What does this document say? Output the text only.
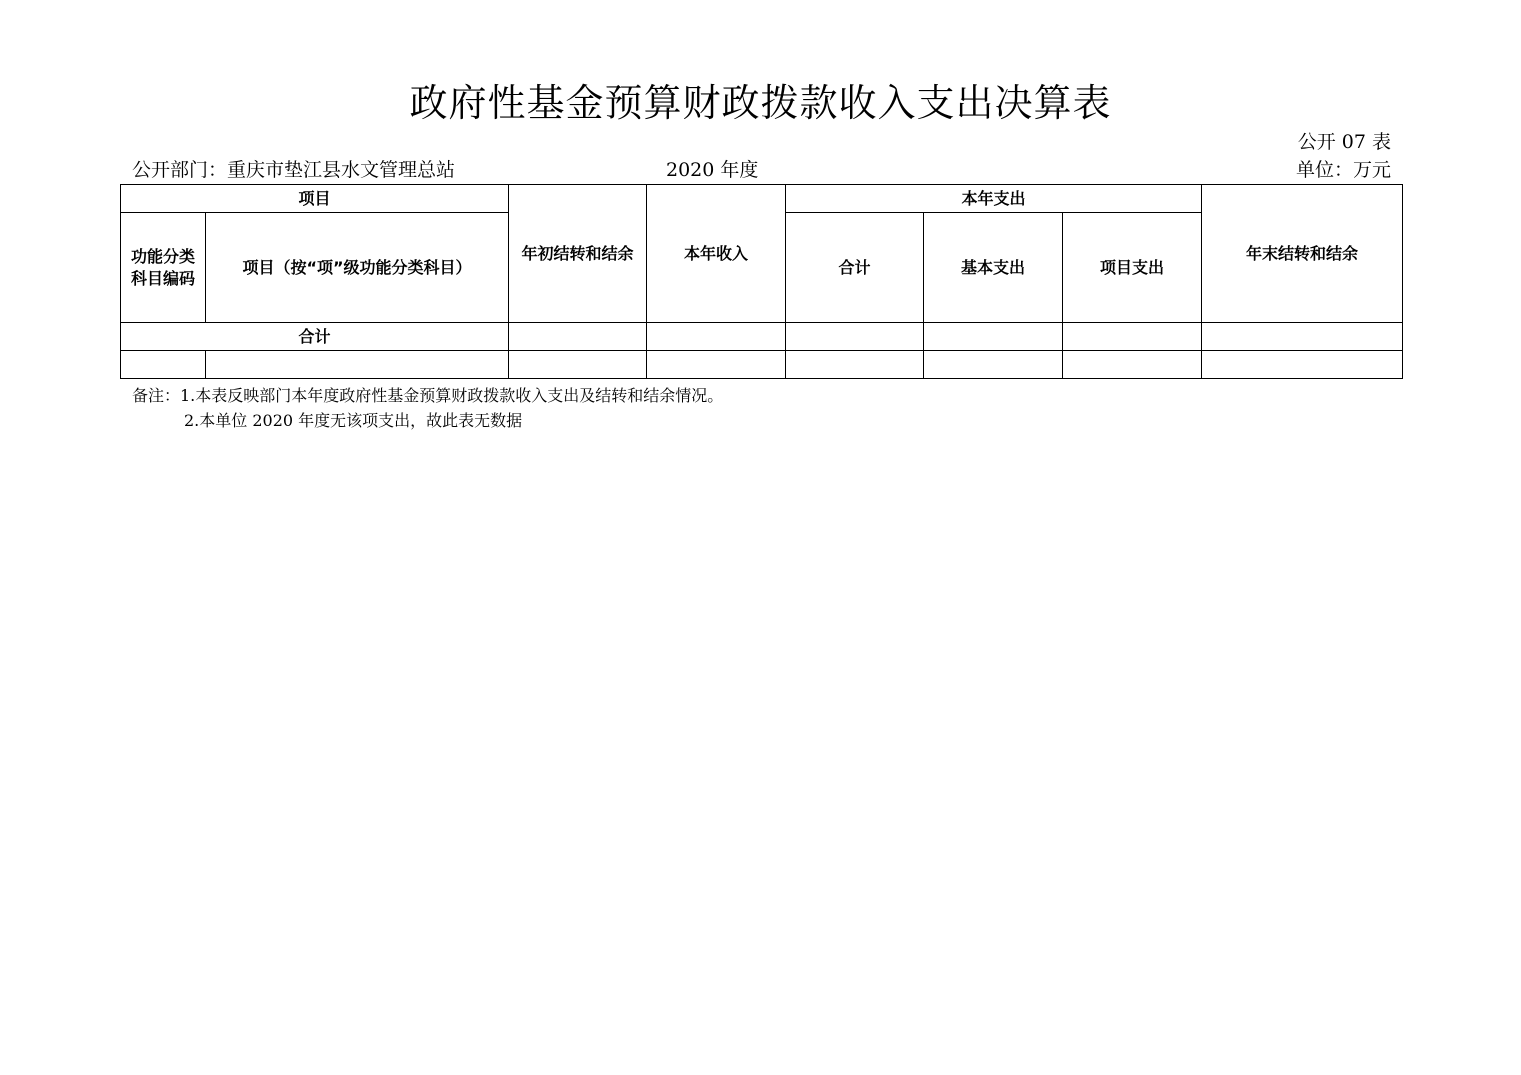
政府性基金预算财政拨款收入支出决算表
公开 07 表
公开部门：重庆市垫江县水文管理总站	2020 年度	单位：万元
项目		年初结转和结余	本年收入	本年支出			年末结转和结余
功能分类科目编码	项目（按“项”级功能分类科目）			合计	基本支出	项目支出	
合计							

备注：1.本表反映部门本年度政府性基金预算财政拨款收入支出及结转和结余情况。
2.本单位 2020 年度无该项支出，故此表无数据
